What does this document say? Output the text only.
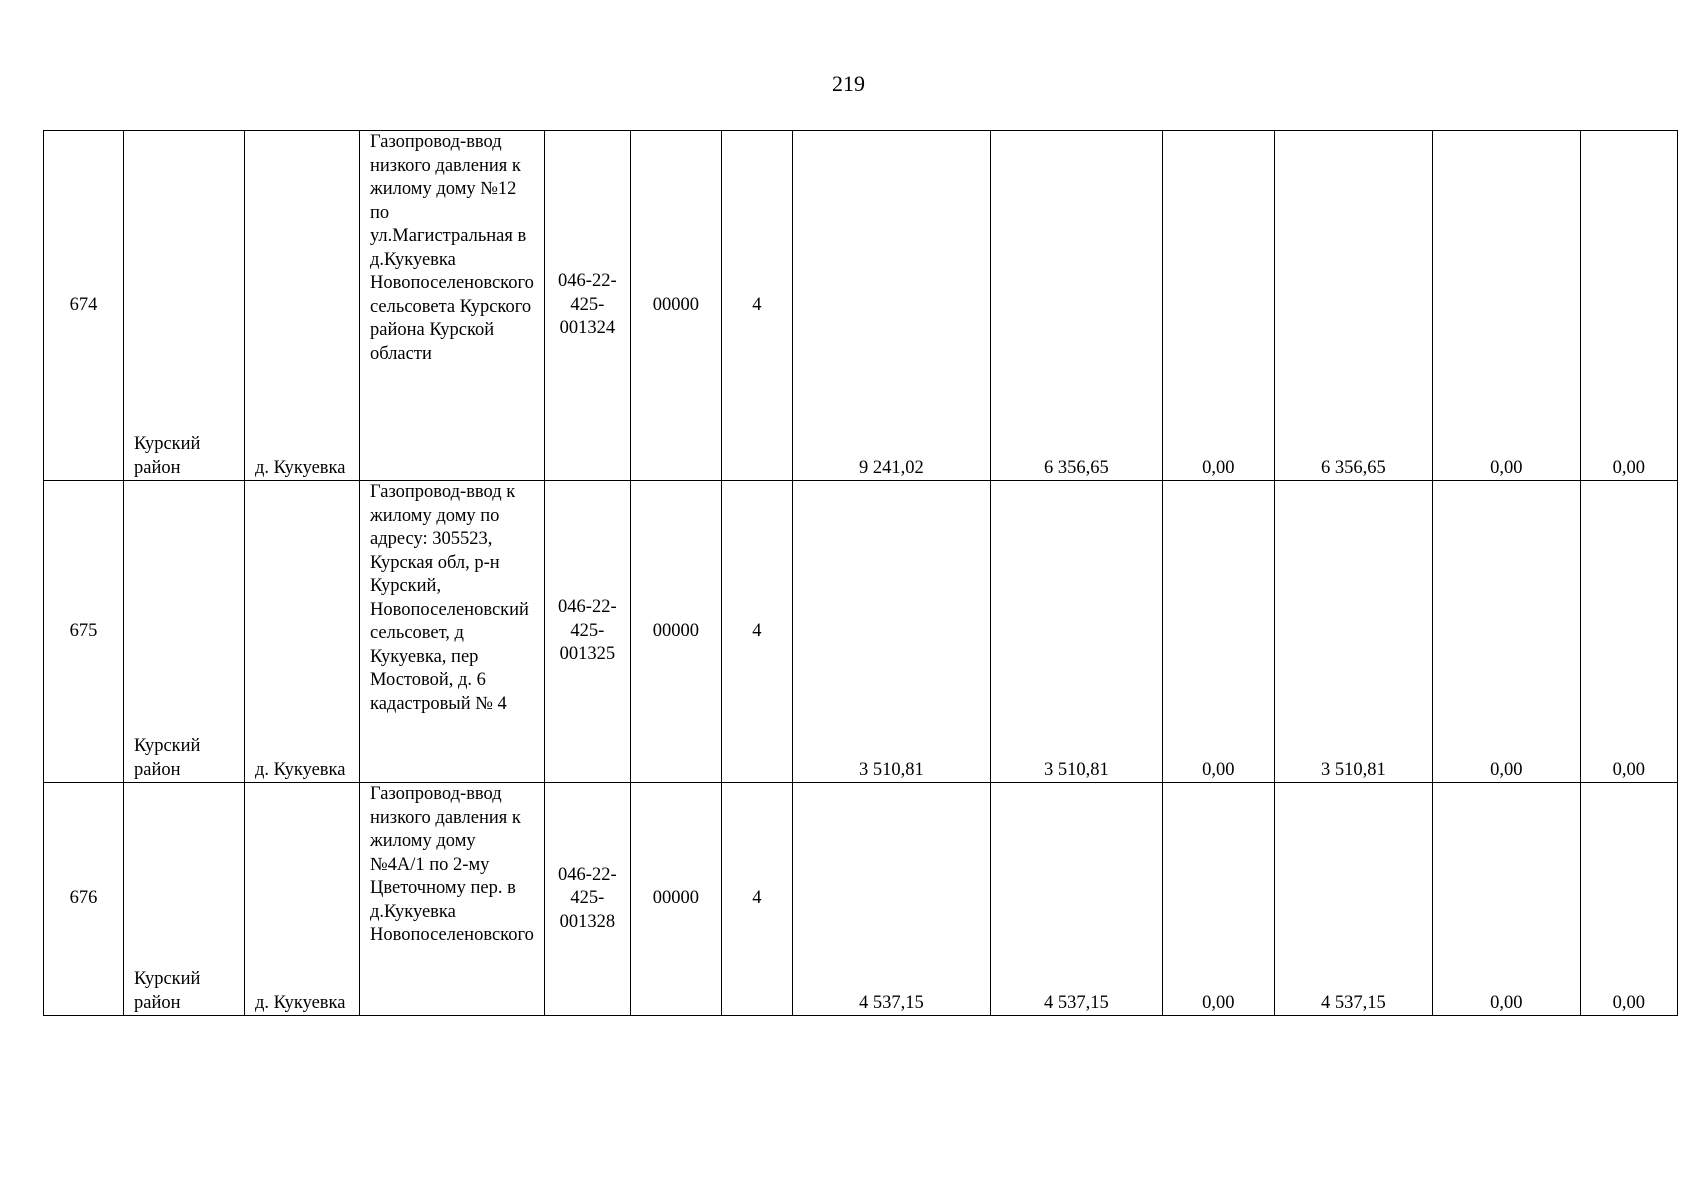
219
674	Курский район	д. Кукуевка	Газопровод-ввод низкого давления к жилому дому №12 по ул.Магистральная в д.Кукуевка Новопоселеновского сельсовета Курского района Курской области	046-22-425-001324	00000	4	9 241,02	6 356,65	0,00	6 356,65	0,00	0,00
675	Курский район	д. Кукуевка	Газопровод-ввод к жилому дому по адресу: 305523, Курская обл, р-н Курский, Новопоселеновский сельсовет, д Кукуевка, пер Мостовой, д. 6 кадастровый № 4	046-22-425-001325	00000	4	3 510,81	3 510,81	0,00	3 510,81	0,00	0,00
676	Курский район	д. Кукуевка	Газопровод-ввод низкого давления к жилому дому №4А/1 по 2-му Цветочному пер. в д.Кукуевка Новопоселеновского	046-22-425-001328	00000	4	4 537,15	4 537,15	0,00	4 537,15	0,00	0,00
